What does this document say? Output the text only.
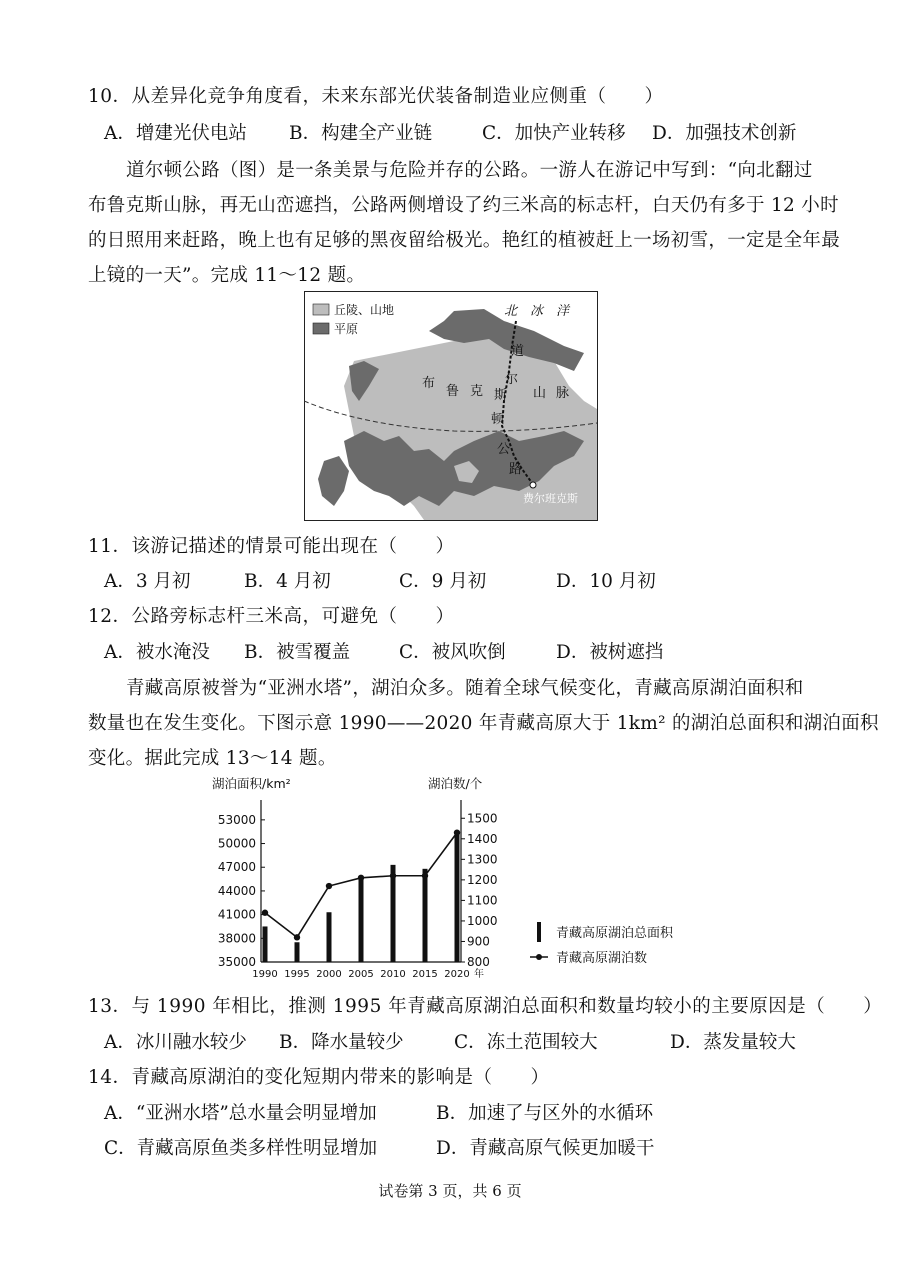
10．从差异化竞争角度看，未来东部光伏装备制造业应侧重（　　）
A．增建光伏电站 B．构建全产业链	C．加快产业转移 D．加强技术创新
道尔顿公路（图）是一条美景与危险并存的公路。一游人在游记中写到：“向北翻过
布鲁克斯山脉，再无山峦遮挡，公路两侧增设了约三米高的标志杆，白天仍有多于 12 小时
的日照用来赶路，晚上也有足够的黑夜留给极光。艳红的植被赶上一场初雪，一定是全年最
上镜的一天”。完成 11～12 题。
丘陵、山地
平原
北　冰　洋
布
鲁 克 斯 山 脉
道
尔
顿
公
路
费尔班克斯
11．该游记描述的情景可能出现在（　　）
A．3 月初	B．4 月初	C．9 月初	D．10 月初
12．公路旁标志杆三米高，可避免（　　）
A．被水淹没 B．被雪覆盖	C．被风吹倒	D．被树遮挡
青藏高原被誉为“亚洲水塔”，湖泊众多。随着全球气候变化，青藏高原湖泊面积和
数量也在发生变化。下图示意 1990——2020 年青藏高原大于 1km² 的湖泊总面积和湖泊面积
变化。据此完成 13～14 题。
湖泊面积/km²	湖泊数/个
35000
38000
41000
44000
47000
50000
53000
800
900
1000
1100
1200
1300
1400
1500
1990 1995 2000 2005 2010 2015 2020 年
青藏高原湖泊总面积
青藏高原湖泊数
13．与 1990 年相比，推测 1995 年青藏高原湖泊总面积和数量均较小的主要原因是（　　）
A．冰川融水较少 B．降水量较少	C．冻土范围较大	D．蒸发量较大
14．青藏高原湖泊的变化短期内带来的影响是（　　）
A．“亚洲水塔”总水量会明显增加	B．加速了与区外的水循环
C．青藏高原鱼类多样性明显增加	D．青藏高原气候更加暖干
试卷第 3 页，共 6 页
